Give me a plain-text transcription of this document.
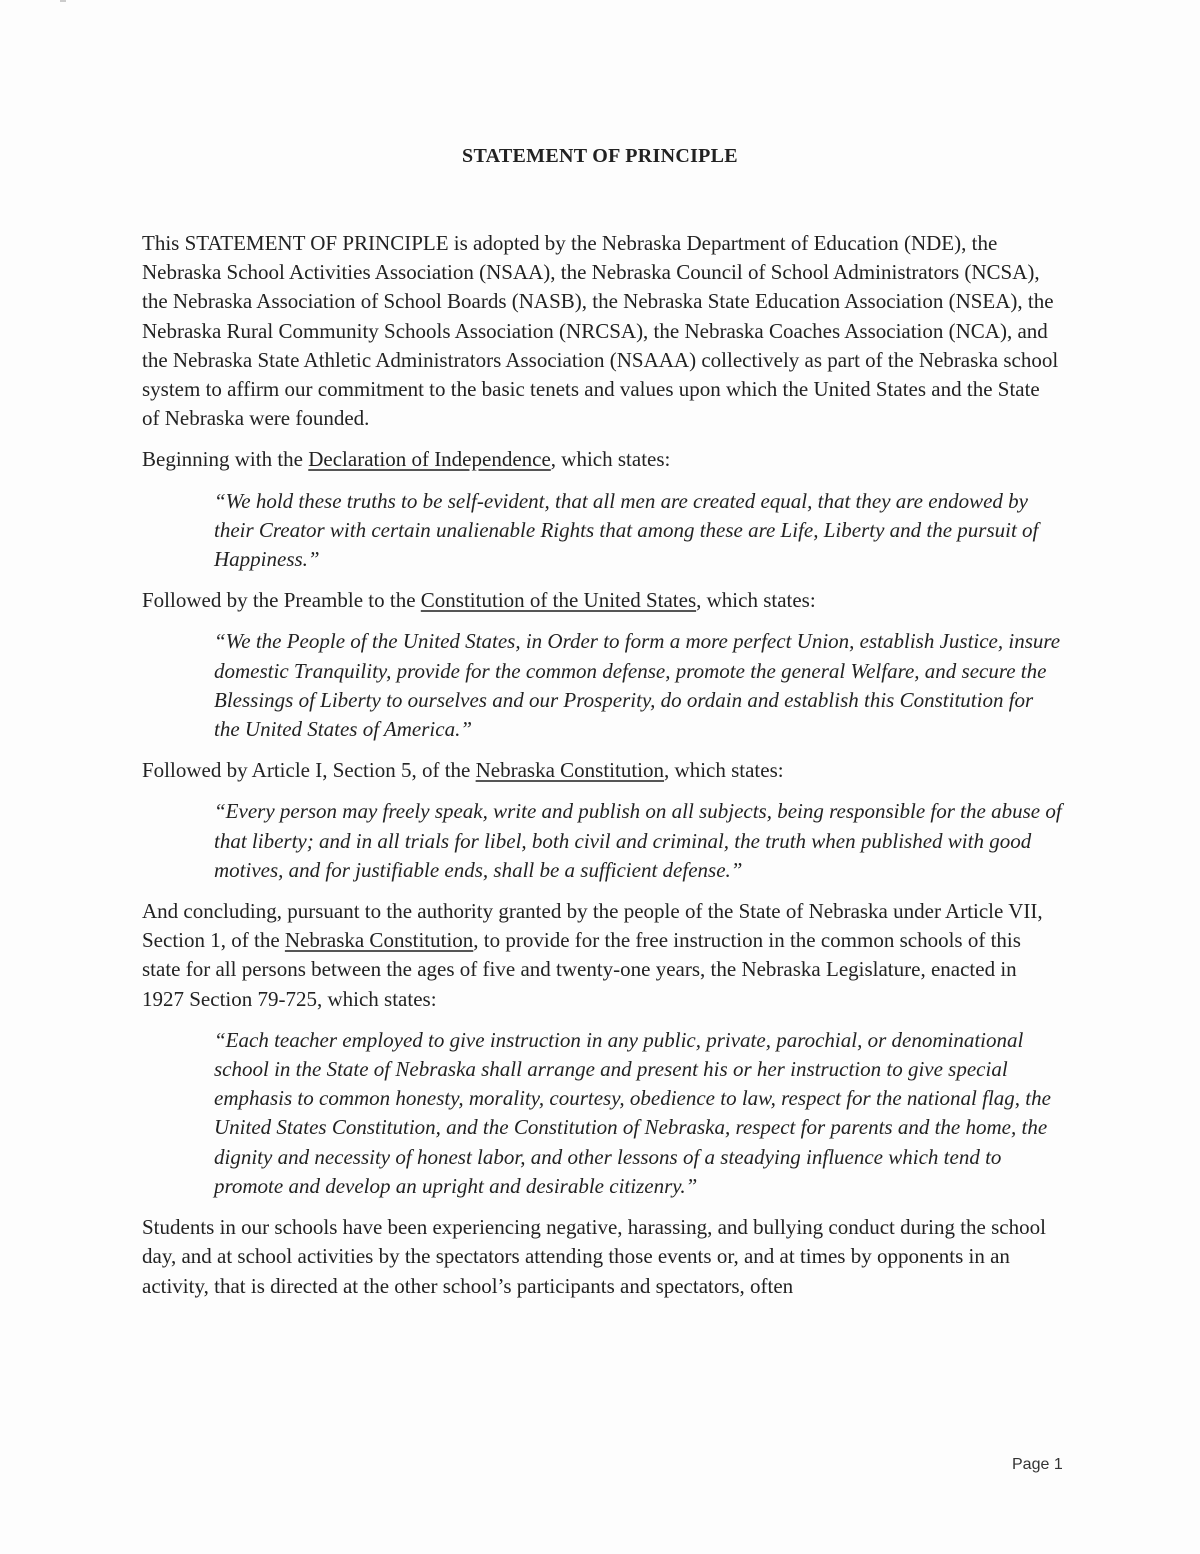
STATEMENT OF PRINCIPLE

This STATEMENT OF PRINCIPLE is adopted by the Nebraska Department of Education (NDE), the Nebraska School Activities Association (NSAA), the Nebraska Council of School Administrators (NCSA), the Nebraska Association of School Boards (NASB), the Nebraska State Education Association (NSEA), the Nebraska Rural Community Schools Association (NRCSA), the Nebraska Coaches Association (NCA), and the Nebraska State Athletic Administrators Association (NSAAA) collectively as part of the Nebraska school system to affirm our commitment to the basic tenets and values upon which the United States and the State of Nebraska were founded.

Beginning with the Declaration of Independence, which states:

“We hold these truths to be self-evident, that all men are created equal, that they are endowed by their Creator with certain unalienable Rights that among these are Life, Liberty and the pursuit of Happiness.”

Followed by the Preamble to the Constitution of the United States, which states:

“We the People of the United States, in Order to form a more perfect Union, establish Justice, insure domestic Tranquility, provide for the common defense, promote the general Welfare, and secure the Blessings of Liberty to ourselves and our Prosperity, do ordain and establish this Constitution for the United States of America.”

Followed by Article I, Section 5, of the Nebraska Constitution, which states:

“Every person may freely speak, write and publish on all subjects, being responsible for the abuse of that liberty; and in all trials for libel, both civil and criminal, the truth when published with good motives, and for justifiable ends, shall be a sufficient defense.”

And concluding, pursuant to the authority granted by the people of the State of Nebraska under Article VII, Section 1, of the Nebraska Constitution, to provide for the free instruction in the common schools of this state for all persons between the ages of five and twenty-one years, the Nebraska Legislature, enacted in 1927 Section 79-725, which states:

“Each teacher employed to give instruction in any public, private, parochial, or denominational school in the State of Nebraska shall arrange and present his or her instruction to give special emphasis to common honesty, morality, courtesy, obedience to law, respect for the national flag, the United States Constitution, and the Constitution of Nebraska, respect for parents and the home, the dignity and necessity of honest labor, and other lessons of a steadying influence which tend to promote and develop an upright and desirable citizenry.”

Students in our schools have been experiencing negative, harassing, and bullying conduct during the school day, and at school activities by the spectators attending those events or, and at times by opponents in an activity, that is directed at the other school’s participants and spectators, often

Page 1
